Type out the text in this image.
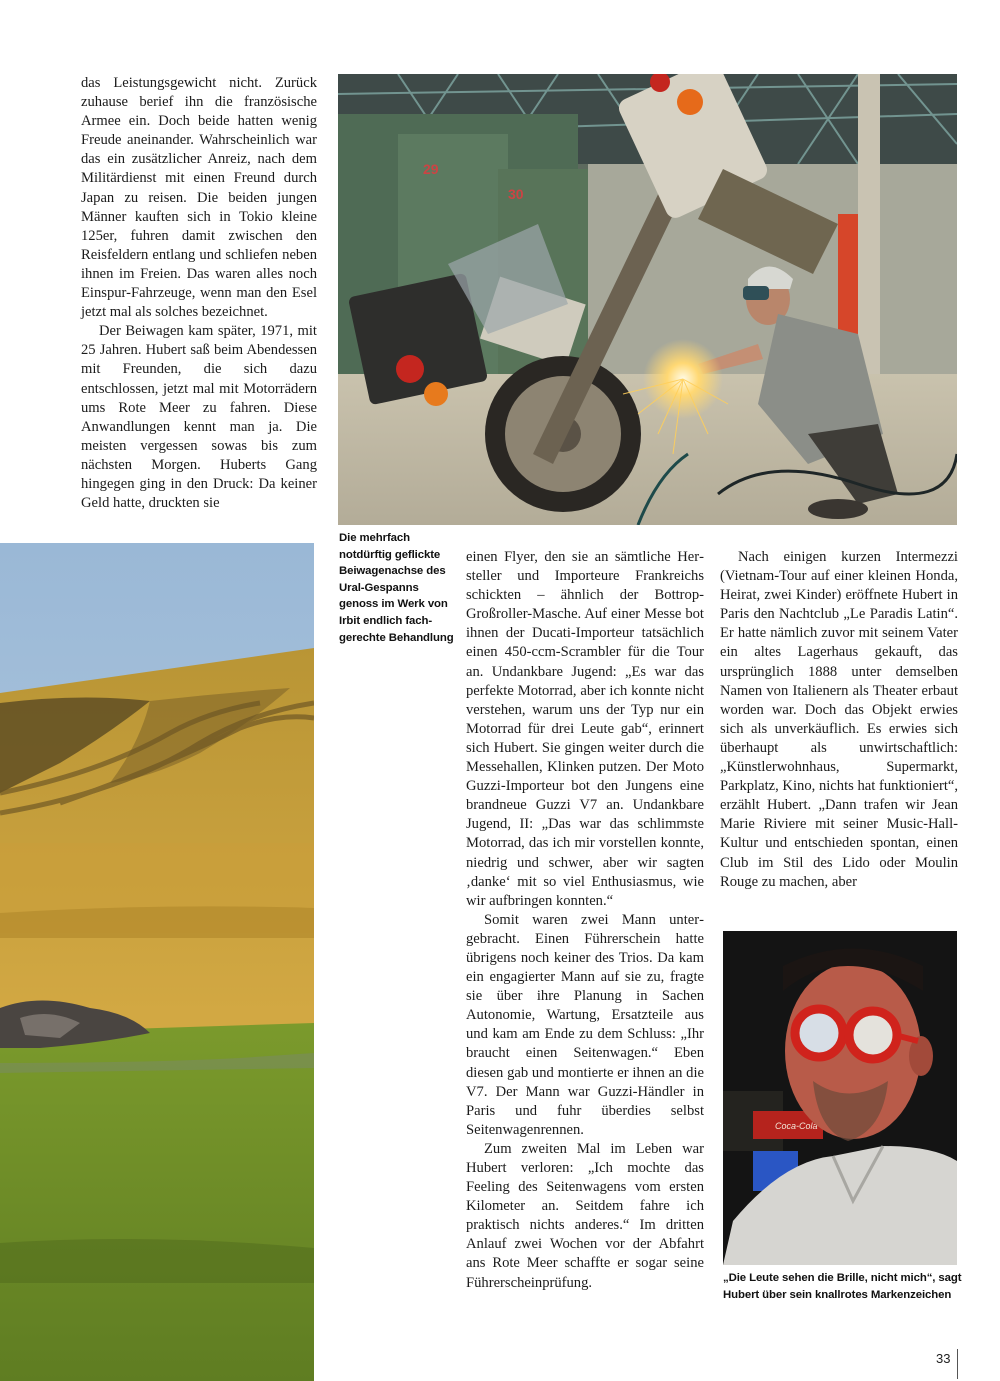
das Leistungsgewicht nicht. Zurück zuhause berief ihn die französische Armee ein. Doch beide hatten wenig Freude aneinander. Wahrscheinlich war das ein zusätzlicher Anreiz, nach dem Militärdienst mit einen Freund durch Japan zu reisen. Die beiden jungen Männer kauften sich in Tokio kleine 125er, fuhren damit zwischen den Reisfeldern entlang und schliefen neben ihnen im Freien. Das waren alles noch Einspur-Fahrzeuge, wenn man den Esel jetzt mal als solches bezeichnet.

Der Beiwagen kam später, 1971, mit 25 Jahren. Hubert saß beim Abendessen mit Freunden, die sich dazu entschlossen, jetzt mal mit Motorrädern ums Rote Meer zu fahren. Diese Anwandlungen kennt man ja. Die meisten vergessen sowas bis zum nächsten Morgen. Huberts Gang hingegen ging in den Druck: Da keiner Geld hatte, druckten sie

29
30
Die mehrfach notdürftig geflickte Beiwagenachse des Ural-Gespanns genoss im Werk von Irbit endlich fachgerechte Behandlung

einen Flyer, den sie an sämtliche Hersteller und Importeure Frankreichs schickten – ähnlich der Bottrop-Großroller-Masche. Auf einer Messe bot ihnen der Ducati-Importeur tatsächlich einen 450-ccm-Scrambler für die Tour an. Undankbare Jugend: „Es war das perfekte Motorrad, aber ich konnte nicht verstehen, warum uns der Typ nur ein Motorrad für drei Leute gab“, erinnert sich Hubert. Sie gingen weiter durch die Messehallen, Klinken putzen. Der Moto Guzzi-Importeur bot den Jungens eine brandneue Guzzi V7 an. Undankbare Jugend, II: „Das war das schlimmste Motorrad, das ich mir vorstellen konnte, niedrig und schwer, aber wir sagten ‚danke‘ mit so viel Enthusiasmus, wie wir aufbringen konnten.“

Somit waren zwei Mann untergebracht. Einen Führerschein hatte übrigens noch keiner des Trios. Da kam ein engagierter Mann auf sie zu, fragte sie über ihre Planung in Sachen Autonomie, Wartung, Ersatzteile aus und kam am Ende zu dem Schluss: „Ihr braucht einen Seitenwagen.“ Eben diesen gab und montierte er ihnen an die V7. Der Mann war Guzzi-Händler in Paris und fuhr überdies selbst Seitenwagenrennen.

Zum zweiten Mal im Leben war Hubert verloren: „Ich mochte das Feeling des Seitenwagens vom ersten Kilometer an. Seitdem fahre ich praktisch nichts anderes.“ Im dritten Anlauf zwei Wochen vor der Abfahrt ans Rote Meer schaffte er sogar seine Führerscheinprüfung.

Nach einigen kurzen Intermezzi (Vietnam-Tour auf einer kleinen Honda, Heirat, zwei Kinder) eröffnete Hubert in Paris den Nachtclub „Le Paradis Latin“. Er hatte nämlich zuvor mit seinem Vater ein altes Lagerhaus gekauft, das ursprünglich 1888 unter demselben Namen von Italienern als Theater erbaut worden war. Doch das Objekt erwies sich als unverkäuflich. Es erwies sich überhaupt als unwirtschaftlich: „Künstlerwohnhaus, Supermarkt, Parkplatz, Kino, nichts hat funktioniert“, erzählt Hubert. „Dann trafen wir Jean Marie Riviere mit seiner Music-Hall-Kultur und entschieden spontan, einen Club im Stil des Lido oder Moulin Rouge zu machen, aber

Coca-Cola
„Die Leute sehen die Brille, nicht mich“, sagt Hubert über sein knallrotes Markenzeichen
33
